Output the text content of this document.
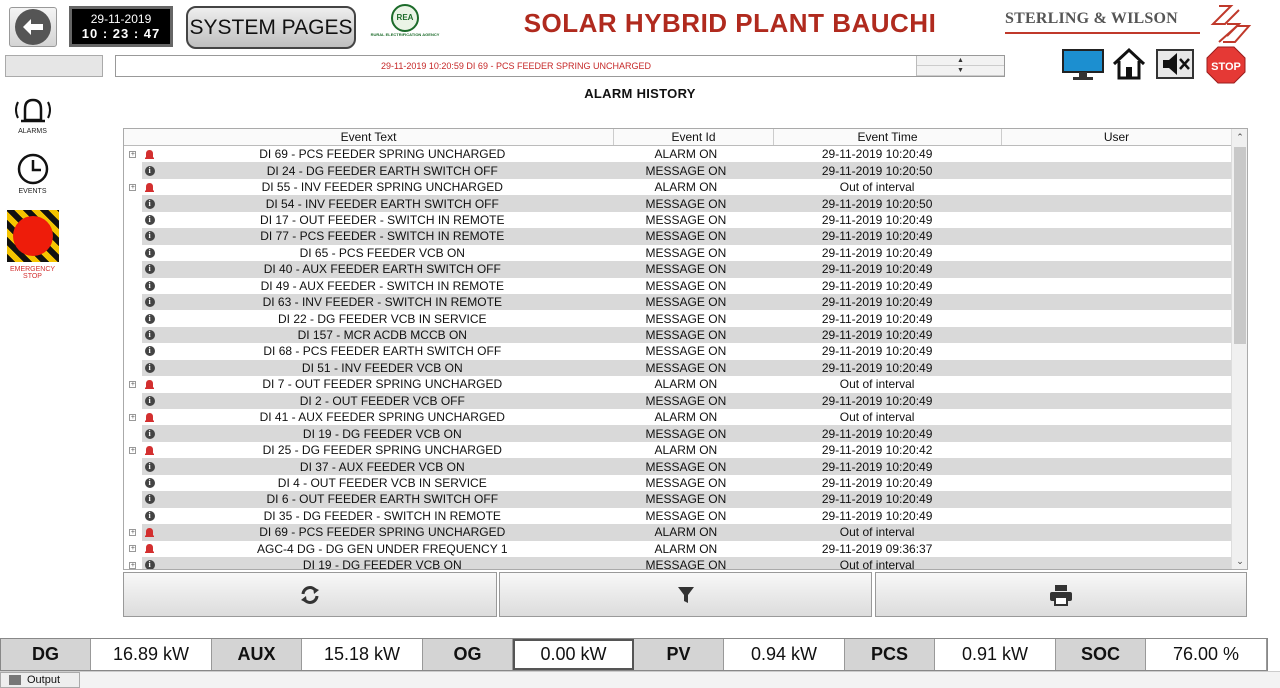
29-11-2019
10 : 23 : 47	SYSTEM PAGES	REA
RURAL ELECTRIFICATION AGENCY	SOLAR HYBRID PLANT BAUCHI	STERLING & WILSON
29-11-2019 10:20:59 DI 69 - PCS FEEDER SPRING UNCHARGED
▲
▼	STOP
ALARM HISTORY
ALARMS
EVENTS
EMERGENCY
STOP
Event Text	Event Id	Event Time	User
+	DI 69 - PCS FEEDER SPRING UNCHARGED	ALARM ON	29-11-2019 10:20:49
i	DI 24 - DG FEEDER EARTH SWITCH OFF	MESSAGE ON	29-11-2019 10:20:50
+	DI 55 - INV FEEDER SPRING UNCHARGED	ALARM ON	Out of interval
i	DI 54 - INV FEEDER EARTH SWITCH OFF	MESSAGE ON	29-11-2019 10:20:50
i	DI 17 - OUT FEEDER - SWITCH IN REMOTE	MESSAGE ON	29-11-2019 10:20:49
i	DI 77 - PCS FEEDER - SWITCH IN REMOTE	MESSAGE ON	29-11-2019 10:20:49
i	DI 65 - PCS FEEDER VCB ON	MESSAGE ON	29-11-2019 10:20:49
i	DI 40 - AUX FEEDER EARTH SWITCH OFF	MESSAGE ON	29-11-2019 10:20:49
i	DI 49 - AUX FEEDER - SWITCH IN REMOTE	MESSAGE ON	29-11-2019 10:20:49
i	DI 63 - INV FEEDER - SWITCH IN REMOTE	MESSAGE ON	29-11-2019 10:20:49
i	DI 22 - DG FEEDER VCB IN SERVICE	MESSAGE ON	29-11-2019 10:20:49
i	DI 157 - MCR ACDB MCCB ON	MESSAGE ON	29-11-2019 10:20:49
i	DI 68 - PCS FEEDER EARTH SWITCH OFF	MESSAGE ON	29-11-2019 10:20:49
i	DI 51 - INV FEEDER VCB ON	MESSAGE ON	29-11-2019 10:20:49
+	DI 7 - OUT FEEDER SPRING UNCHARGED	ALARM ON	Out of interval
i	DI 2 - OUT FEEDER VCB OFF	MESSAGE ON	29-11-2019 10:20:49
+	DI 41 - AUX FEEDER SPRING UNCHARGED	ALARM ON	Out of interval
i	DI 19 - DG FEEDER VCB ON	MESSAGE ON	29-11-2019 10:20:49
+	DI 25 - DG FEEDER SPRING UNCHARGED	ALARM ON	29-11-2019 10:20:42
i	DI 37 - AUX FEEDER VCB ON	MESSAGE ON	29-11-2019 10:20:49
i	DI 4 - OUT FEEDER VCB IN SERVICE	MESSAGE ON	29-11-2019 10:20:49
i	DI 6 - OUT FEEDER EARTH SWITCH OFF	MESSAGE ON	29-11-2019 10:20:49
i	DI 35 - DG FEEDER - SWITCH IN REMOTE	MESSAGE ON	29-11-2019 10:20:49
+	DI 69 - PCS FEEDER SPRING UNCHARGED	ALARM ON	Out of interval
+	AGC-4 DG - DG GEN UNDER FREQUENCY 1	ALARM ON	29-11-2019 09:36:37
+	i	DI 19 - DG FEEDER VCB ON	MESSAGE ON	Out of interval
⌃
⌄
DG	16.89 kW	AUX	15.18 kW	OG	0.00 kW	PV	0.94 kW	PCS	0.91 kW	SOC	76.00 %
Output
